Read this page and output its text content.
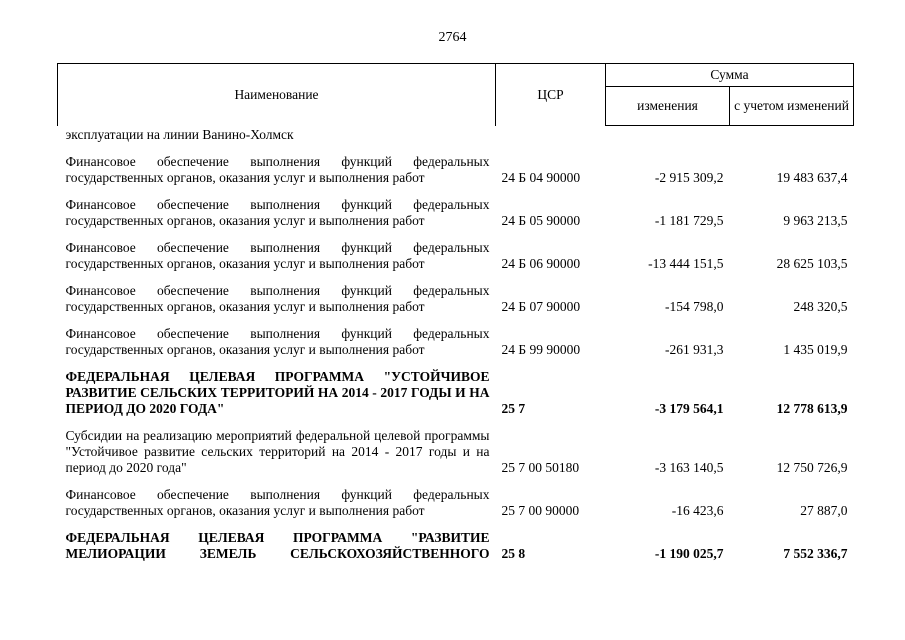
2764
Наименование	ЦСР	Сумма	
		изменения	с учетом изменений
эксплуатации на линии Ванино-Холмск			
Финансовое обеспечение выполнения функций федеральных государственных органов, оказания услуг и выполнения работ	24 Б 04 90000	-2 915 309,2	19 483 637,4
Финансовое обеспечение выполнения функций федеральных государственных органов, оказания услуг и выполнения работ	24 Б 05 90000	-1 181 729,5	9 963 213,5
Финансовое обеспечение выполнения функций федеральных государственных органов, оказания услуг и выполнения работ	24 Б 06 90000	-13 444 151,5	28 625 103,5
Финансовое обеспечение выполнения функций федеральных государственных органов, оказания услуг и выполнения работ	24 Б 07 90000	-154 798,0	248 320,5
Финансовое обеспечение выполнения функций федеральных государственных органов, оказания услуг и выполнения работ	24 Б 99 90000	-261 931,3	1 435 019,9
ФЕДЕРАЛЬНАЯ ЦЕЛЕВАЯ ПРОГРАММА "УСТОЙЧИВОЕ РАЗВИТИЕ СЕЛЬСКИХ ТЕРРИТОРИЙ НА 2014 - 2017 ГОДЫ И НА ПЕРИОД ДО 2020 ГОДА"	25 7	-3 179 564,1	12 778 613,9
Субсидии на реализацию мероприятий федеральной целевой программы "Устойчивое развитие сельских территорий на 2014 - 2017 годы и на период до 2020 года"	25 7 00 50180	-3 163 140,5	12 750 726,9
Финансовое обеспечение выполнения функций федеральных государственных органов, оказания услуг и выполнения работ	25 7 00 90000	-16 423,6	27 887,0
ФЕДЕРАЛЬНАЯ ЦЕЛЕВАЯ ПРОГРАММА "РАЗВИТИЕ МЕЛИОРАЦИИ ЗЕМЕЛЬ СЕЛЬСКОХОЗЯЙСТВЕННОГО	25 8	-1 190 025,7	7 552 336,7
